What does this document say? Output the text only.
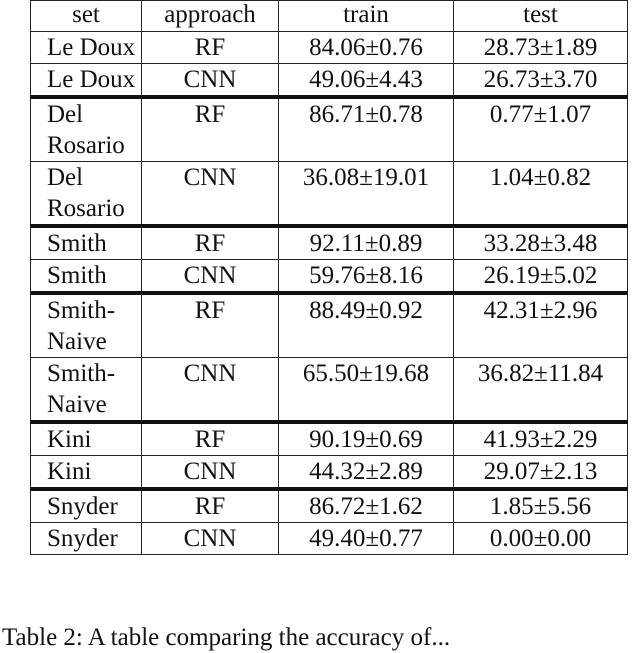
set	approach	train	test
Le Doux	RF	84.06±0.76	28.73±1.89
Le Doux	CNN	49.06±4.43	26.73±3.70
Del Rosario	RF	86.71±0.78	0.77±1.07
Del Rosario	CNN	36.08±19.01	1.04±0.82
Smith	RF	92.11±0.89	33.28±3.48
Smith	CNN	59.76±8.16	26.19±5.02
Smith-Naive	RF	88.49±0.92	42.31±2.96
Smith-Naive	CNN	65.50±19.68	36.82±11.84
Kini	RF	90.19±0.69	41.93±2.29
Kini	CNN	44.32±2.89	29.07±2.13
Snyder	RF	86.72±1.62	1.85±5.56
Snyder	CNN	49.40±0.77	0.00±0.00
Table 2: A table comparing the accuracy of...
